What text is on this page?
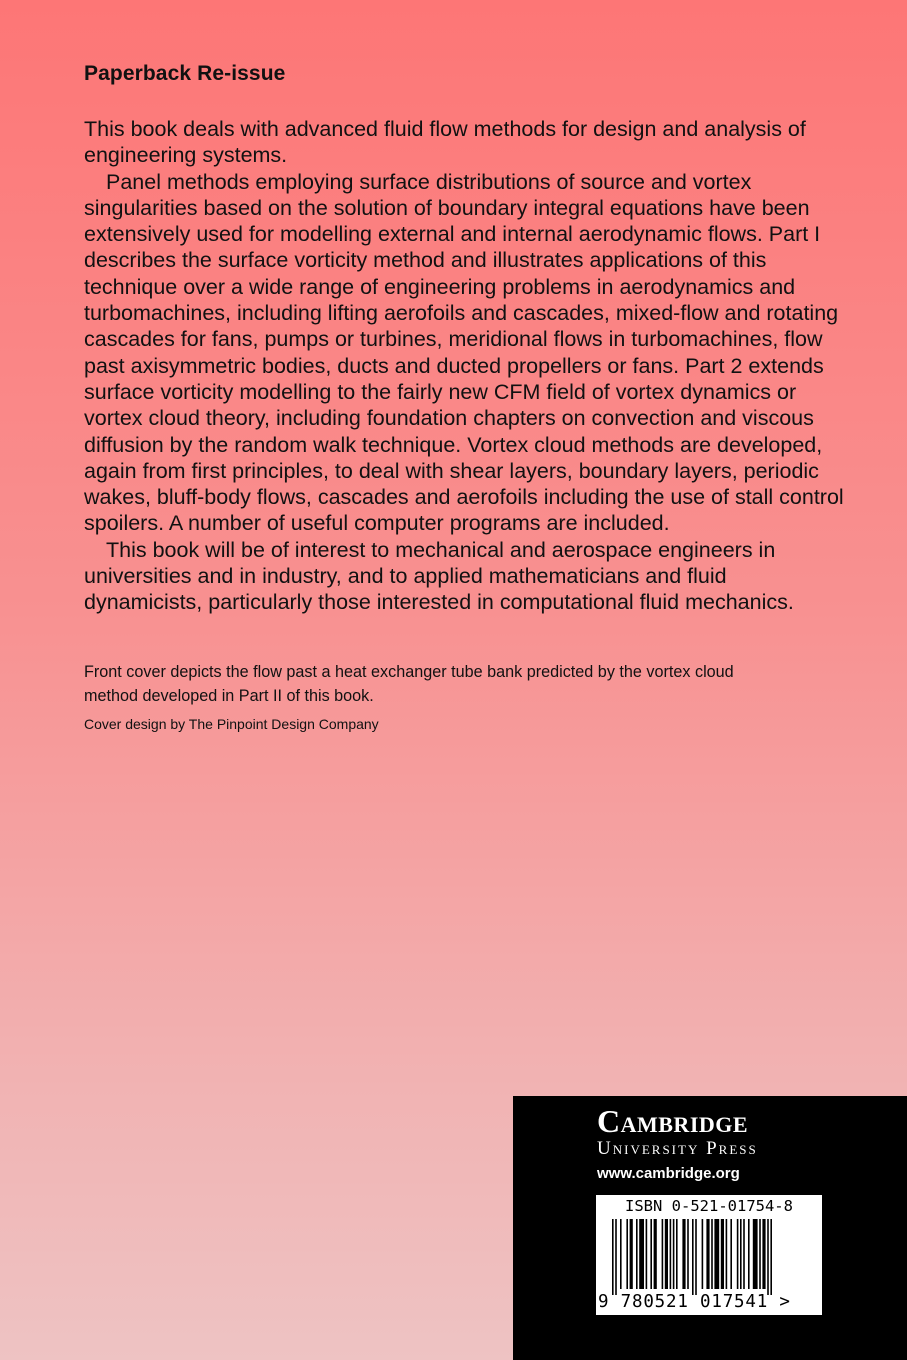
Paperback Re-issue

This book deals with advanced fluid flow methods for design and analysis of engineering systems.

Panel methods employing surface distributions of source and vortex singularities based on the solution of boundary integral equations have been extensively used for modelling external and internal aerodynamic flows. Part I describes the surface vorticity method and illustrates applications of this technique over a wide range of engineering problems in aerodynamics and turbomachines, including lifting aerofoils and cascades, mixed-flow and rotating cascades for fans, pumps or turbines, meridional flows in turbomachines, flow past axisymmetric bodies, ducts and ducted propellers or fans. Part 2 extends surface vorticity modelling to the fairly new CFM field of vortex dynamics or vortex cloud theory, including foundation chapters on convection and viscous diffusion by the random walk technique. Vortex cloud methods are developed, again from first principles, to deal with shear layers, boundary layers, periodic wakes, bluff-body flows, cascades and aerofoils including the use of stall control spoilers. A number of useful computer programs are included.

This book will be of interest to mechanical and aerospace engineers in universities and in industry, and to applied mathematicians and fluid dynamicists, particularly those interested in computational fluid mechanics.

Front cover depicts the flow past a heat exchanger tube bank predicted by the vortex cloud method developed in Part II of this book.

Cover design by The Pinpoint Design Company

Cambridge

University Press

www.cambridge.org

ISBN 0-521-01754-8

9 780521 017541 >
